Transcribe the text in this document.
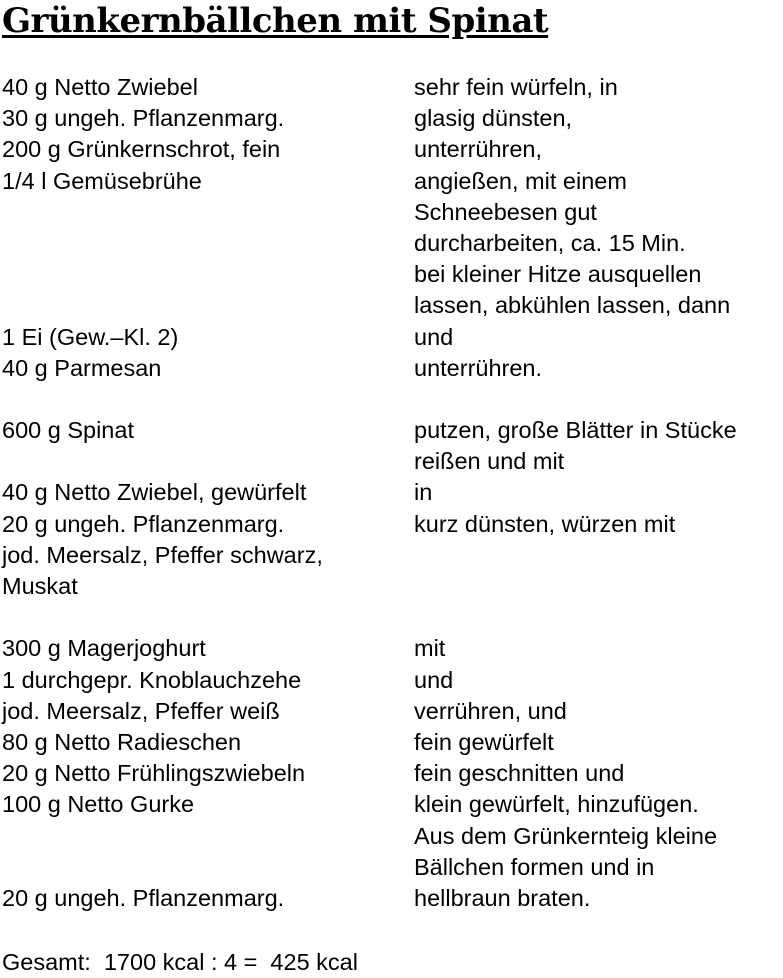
Grünkernbällchen mit Spinat
40 g Netto Zwiebel	sehr fein würfeln, in
30 g ungeh. Pflanzenmarg.	glasig dünsten,
200 g Grünkernschrot, fein	unterrühren,
1/4 l Gemüsebrühe	angießen, mit einem
Schneebesen gut
durcharbeiten, ca. 15 Min.
bei kleiner Hitze ausquellen
lassen, abkühlen lassen, dann
1 Ei (Gew.–Kl. 2)	und
40 g Parmesan	unterrühren.
600 g Spinat	putzen, große Blätter in Stücke
reißen und mit
40 g Netto Zwiebel, gewürfelt	in
20 g ungeh. Pflanzenmarg.	kurz dünsten, würzen mit
jod. Meersalz, Pfeffer schwarz,
Muskat
300 g Magerjoghurt	mit
1 durchgepr. Knoblauchzehe	und
jod. Meersalz, Pfeffer weiß	verrühren, und
80 g Netto Radieschen	fein gewürfelt
20 g Netto Frühlingszwiebeln	fein geschnitten und
100 g Netto Gurke	klein gewürfelt, hinzufügen.
Aus dem Grünkernteig kleine
Bällchen formen und in
20 g ungeh. Pflanzenmarg.	hellbraun braten.
Gesamt:  1700 kcal : 4 =  425 kcal
